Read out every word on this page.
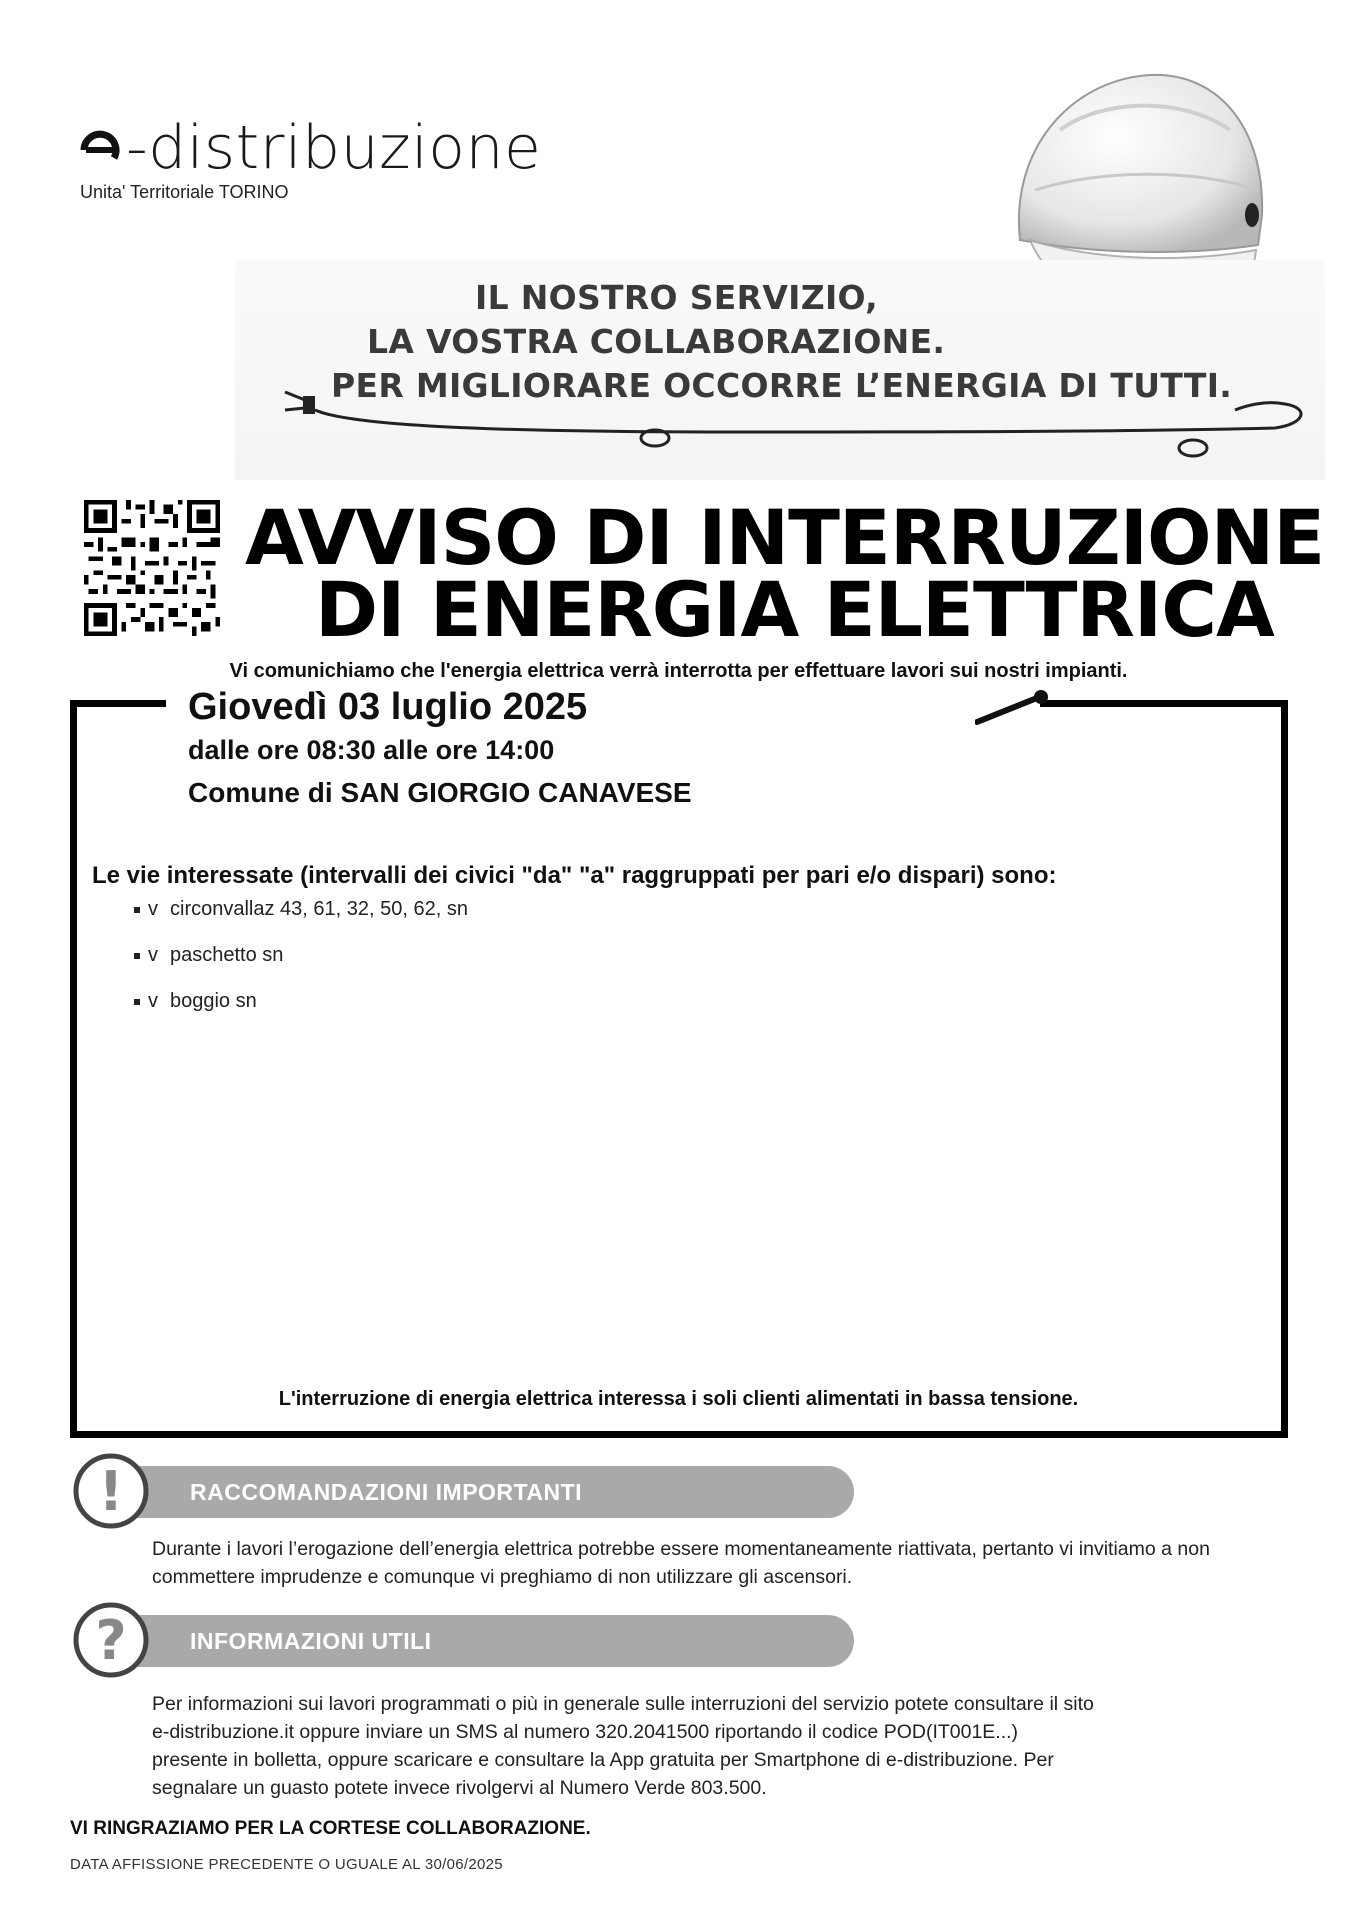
-distribuzione
Unita' Territoriale TORINO
IL NOSTRO SERVIZIO,
LA VOSTRA COLLABORAZIONE.
PER MIGLIORARE OCCORRE L’ENERGIA DI TUTTI.
AVVISO DI INTERRUZIONE
DI ENERGIA ELETTRICA
Vi comunichiamo che l'energia elettrica verrà interrotta per effettuare lavori sui nostri impianti.
Giovedì 03 luglio 2025
dalle ore 08:30 alle ore 14:00
Comune di SAN GIORGIO CANAVESE
Le vie interessate (intervalli dei civici "da" "a" raggruppati per pari e/o dispari) sono:
v circonvallaz 43, 61, 32, 50, 62, sn
v paschetto sn
v boggio sn
L'interruzione di energia elettrica interessa i soli clienti alimentati in bassa tensione.
RACCOMANDAZIONI IMPORTANTI
!
Durante i lavori l’erogazione dell’energia elettrica potrebbe essere momentaneamente riattivata, pertanto vi invitiamo a non commettere imprudenze e comunque vi preghiamo di non utilizzare gli ascensori.
INFORMAZIONI UTILI
?
Per informazioni sui lavori programmati o più in generale sulle interruzioni del servizio potete consultare il sito
e-distribuzione.it oppure inviare un SMS al numero 320.2041500 riportando il codice POD(IT001E...)
presente in bolletta, oppure scaricare e consultare la App gratuita per Smartphone di e-distribuzione. Per
segnalare un guasto potete invece rivolgervi al Numero Verde 803.500.
VI RINGRAZIAMO PER LA CORTESE COLLABORAZIONE.
DATA AFFISSIONE PRECEDENTE O UGUALE AL 30/06/2025
